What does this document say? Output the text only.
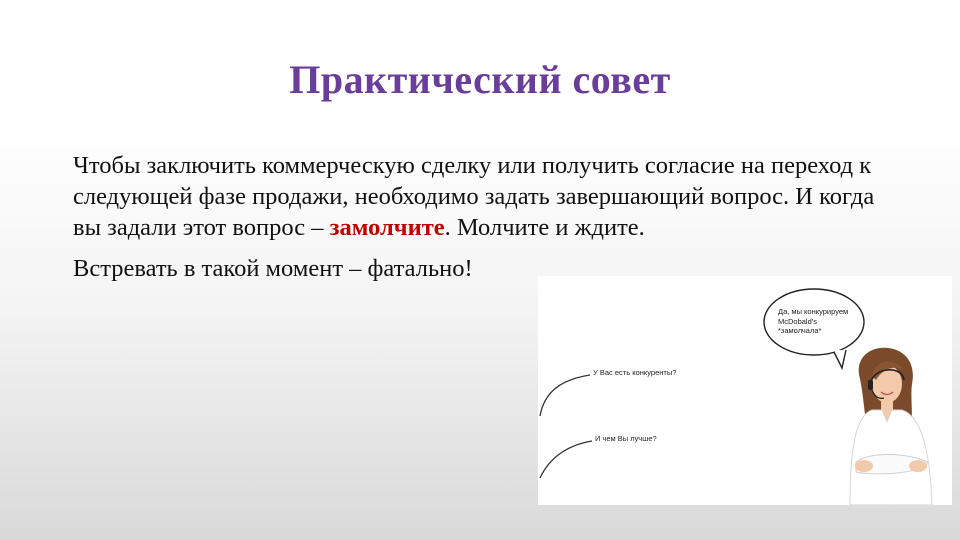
Практический совет

Чтобы заключить коммерческую сделку или получить согласие на переход к следующей фазе продажи, необходимо задать завершающий вопрос. И когда вы задали этот вопрос – замолчите. Молчите и ждите.

Встревать в такой момент – фатально!

У Вас есть конкуренты?
И чем Вы лучше?
Да, мы конкурируем
McDobald's
*замолчала*
